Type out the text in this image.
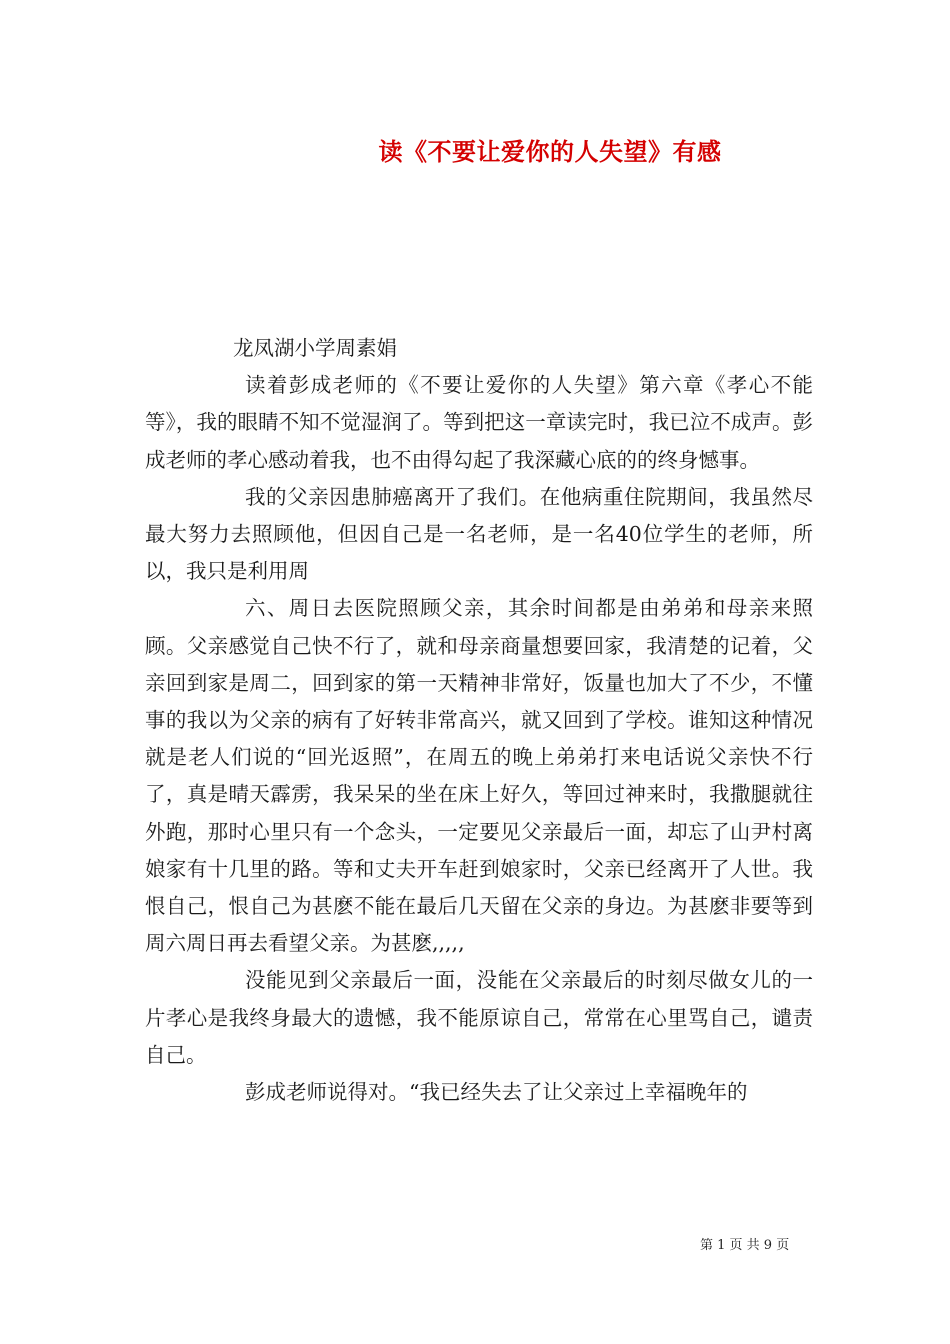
读《不要让爱你的人失望》有感

龙凤湖小学周素娟

读着彭成老师的《不要让爱你的人失望》第六章《孝心不能等》，我的眼睛不知不觉湿润了。等到把这一章读完时，我已泣不成声。彭成老师的孝心感动着我，也不由得勾起了我深藏心底的的终身憾事。

我的父亲因患肺癌离开了我们。在他病重住院期间，我虽然尽最大努力去照顾他，但因自己是一名老师，是一名40位学生的老师，所以，我只是利用周

六、周日去医院照顾父亲，其余时间都是由弟弟和母亲来照顾。父亲感觉自己快不行了，就和母亲商量想要回家，我清楚的记着，父亲回到家是周二，回到家的第一天精神非常好，饭量也加大了不少，不懂事的我以为父亲的病有了好转非常高兴，就又回到了学校。谁知这种情况就是老人们说的“回光返照”，在周五的晚上弟弟打来电话说父亲快不行了，真是晴天霹雳，我呆呆的坐在床上好久，等回过神来时，我撒腿就往外跑，那时心里只有一个念头，一定要见父亲最后一面，却忘了山尹村离娘家有十几里的路。等和丈夫开车赶到娘家时，父亲已经离开了人世。我恨自己，恨自己为甚麽不能在最后几天留在父亲的身边。为甚麽非要等到周六周日再去看望父亲。为甚麽,,,,,

没能见到父亲最后一面，没能在父亲最后的时刻尽做女儿的一片孝心是我终身最大的遗憾，我不能原谅自己，常常在心里骂自己，谴责自己。

彭成老师说得对。“我已经失去了让父亲过上幸福晚年的

第 1 页 共 9 页
